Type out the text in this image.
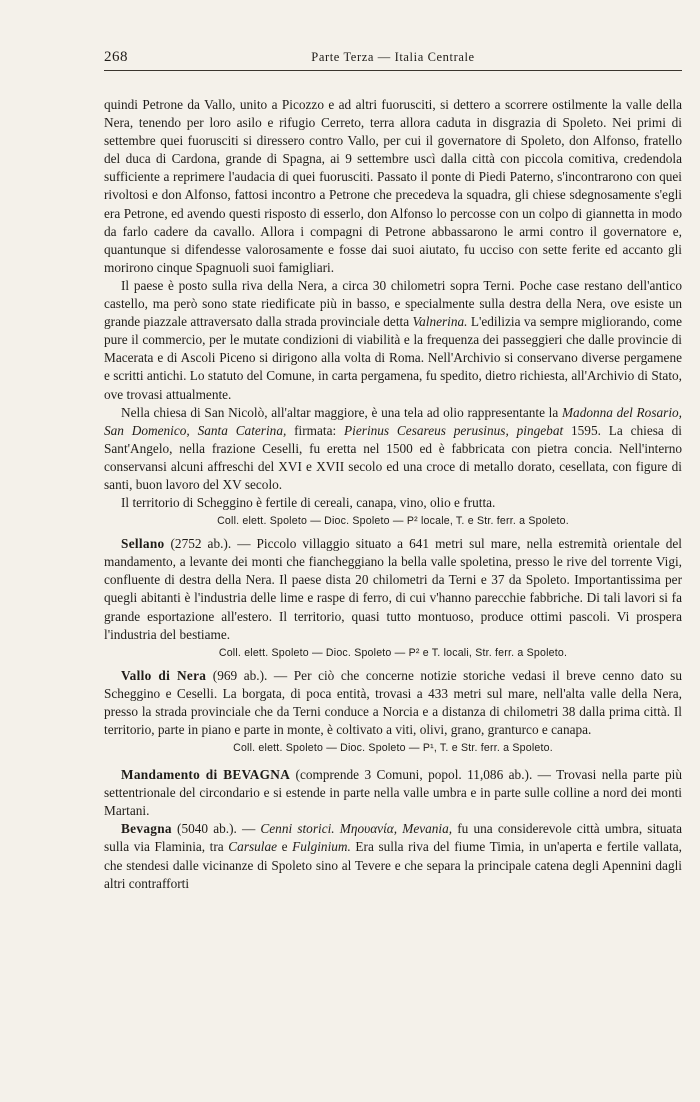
268	Parte Terza — Italia Centrale

quindi Petrone da Vallo, unito a Picozzo e ad altri fuorusciti, si dettero a scorrere ostilmente la valle della Nera, tenendo per loro asilo e rifugio Cerreto, terra allora caduta in disgrazia di Spoleto. Nei primi di settembre quei fuorusciti si diressero contro Vallo, per cui il governatore di Spoleto, don Alfonso, fratello del duca di Cardona, grande di Spagna, ai 9 settembre uscì dalla città con piccola comitiva, credendola sufficiente a reprimere l'audacia di quei fuorusciti. Passato il ponte di Piedi Paterno, s'incontrarono con quei rivoltosi e don Alfonso, fattosi incontro a Petrone che precedeva la squadra, gli chiese sdegnosamente s'egli era Petrone, ed avendo questi risposto di esserlo, don Alfonso lo percosse con un colpo di giannetta in modo da farlo cadere da cavallo. Allora i compagni di Petrone abbassarono le armi contro il governatore e, quantunque si difendesse valorosamente e fosse dai suoi aiutato, fu ucciso con sette ferite ed accanto gli morirono cinque Spagnuoli suoi famigliari.

Il paese è posto sulla riva della Nera, a circa 30 chilometri sopra Terni. Poche case restano dell'antico castello, ma però sono state riedificate più in basso, e specialmente sulla destra della Nera, ove esiste un grande piazzale attraversato dalla strada provinciale detta Valnerina. L'edilizia va sempre migliorando, come pure il commercio, per le mutate condizioni di viabilità e la frequenza dei passeggieri che dalle provincie di Macerata e di Ascoli Piceno si dirigono alla volta di Roma. Nell'Archivio si conservano diverse pergamene e scritti antichi. Lo statuto del Comune, in carta pergamena, fu spedito, dietro richiesta, all'Archivio di Stato, ove trovasi attualmente.

Nella chiesa di San Nicolò, all'altar maggiore, è una tela ad olio rappresentante la Madonna del Rosario, San Domenico, Santa Caterina, firmata: Pierinus Cesareus perusinus, pingebat 1595. La chiesa di Sant'Angelo, nella frazione Ceselli, fu eretta nel 1500 ed è fabbricata con pietra concia. Nell'interno conservansi alcuni affreschi del XVI e XVII secolo ed una croce di metallo dorato, cesellata, con figure di santi, buon lavoro del XV secolo.

Il territorio di Scheggino è fertile di cereali, canapa, vino, olio e frutta.

Coll. elett. Spoleto — Dioc. Spoleto — P² locale, T. e Str. ferr. a Spoleto.

Sellano (2752 ab.). — Piccolo villaggio situato a 641 metri sul mare, nella estremità orientale del mandamento, a levante dei monti che fiancheggiano la bella valle spoletina, presso le rive del torrente Vigi, confluente di destra della Nera. Il paese dista 20 chilometri da Terni e 37 da Spoleto. Importantissima per quegli abitanti è l'industria delle lime e raspe di ferro, di cui v'hanno parecchie fabbriche. Di tali lavori si fa grande esportazione all'estero. Il territorio, quasi tutto montuoso, produce ottimi pascoli. Vi prospera l'industria del bestiame.

Coll. elett. Spoleto — Dioc. Spoleto — P² e T. locali, Str. ferr. a Spoleto.

Vallo di Nera (969 ab.). — Per ciò che concerne notizie storiche vedasi il breve cenno dato su Scheggino e Ceselli. La borgata, di poca entità, trovasi a 433 metri sul mare, nell'alta valle della Nera, presso la strada provinciale che da Terni conduce a Norcia e a distanza di chilometri 38 dalla prima città. Il territorio, parte in piano e parte in monte, è coltivato a viti, olivi, grano, granturco e canapa.

Coll. elett. Spoleto — Dioc. Spoleto — P¹, T. e Str. ferr. a Spoleto.

Mandamento di BEVAGNA (comprende 3 Comuni, popol. 11,086 ab.). — Trovasi nella parte più settentrionale del circondario e si estende in parte nella valle umbra e in parte sulle colline a nord dei monti Martani.

Bevagna (5040 ab.). — Cenni storici. Μηουανία, Mevania, fu una considerevole città umbra, situata sulla via Flaminia, tra Carsulae e Fulginium. Era sulla riva del fiume Timia, in un'aperta e fertile vallata, che stendesi dalle vicinanze di Spoleto sino al Tevere e che separa la principale catena degli Apennini dagli altri contrafforti
